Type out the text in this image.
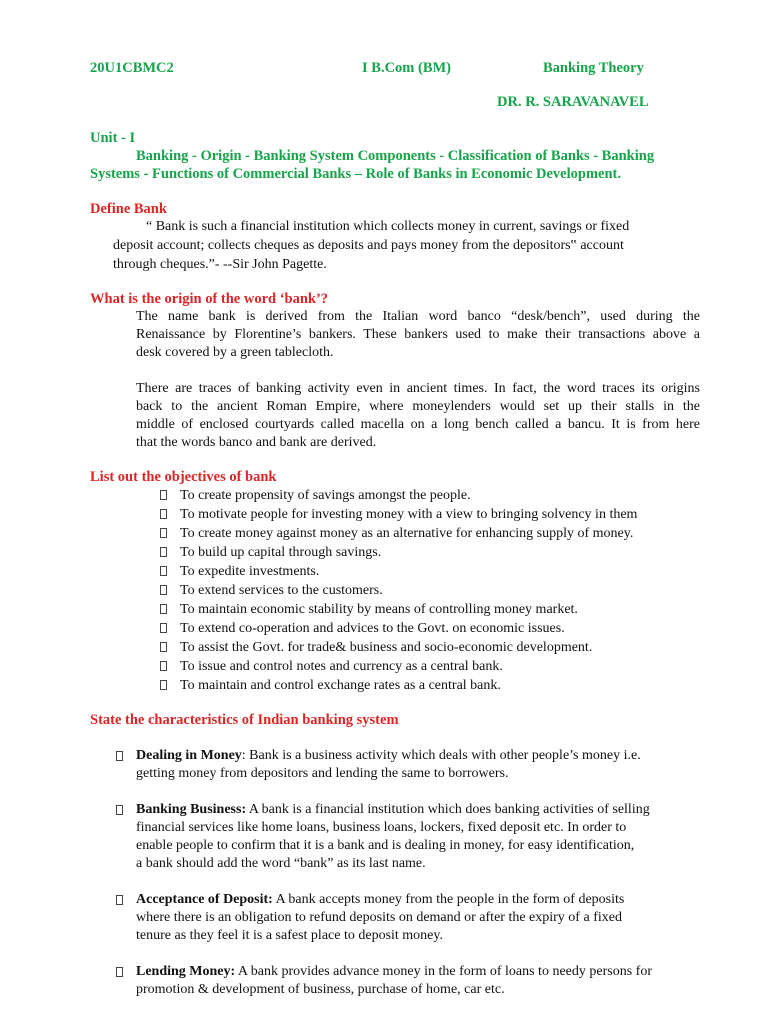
20U1CBMC2	I B.Com (BM)	Banking Theory
DR. R. SARAVANAVEL
Unit - I
Banking - Origin - Banking System Components - Classification of Banks - Banking
Systems - Functions of Commercial Banks – Role of Banks in Economic Development.
Define Bank
“ Bank is such a financial institution which collects money in current, savings or fixed
deposit account; collects cheques as deposits and pays money from the depositors‟ account
through cheques.”- --Sir John Pagette.
What is the origin of the word ‘bank’?
The name bank is derived from the Italian word banco “desk/bench”, used during the
Renaissance by Florentine’s bankers. These bankers used to make their transactions above a
desk covered by a green tablecloth.
There are traces of banking activity even in ancient times. In fact, the word traces its origins
back to the ancient Roman Empire, where moneylenders would set up their stalls in the
middle of enclosed courtyards called macella on a long bench called a bancu. It is from here
that the words banco and bank are derived.
List out the objectives of bank
To create propensity of savings amongst the people.
To motivate people for investing money with a view to bringing solvency in them
To create money against money as an alternative for enhancing supply of money.
To build up capital through savings.
To expedite investments.
To extend services to the customers.
To maintain economic stability by means of controlling money market.
To extend co-operation and advices to the Govt. on economic issues.
To assist the Govt. for trade& business and socio-economic development.
To issue and control notes and currency as a central bank.
To maintain and control exchange rates as a central bank.
State the characteristics of Indian banking system
Dealing in Money: Bank is a business activity which deals with other people’s money i.e.
getting money from depositors and lending the same to borrowers.
Banking Business: A bank is a financial institution which does banking activities of selling
financial services like home loans, business loans, lockers, fixed deposit etc. In order to
enable people to confirm that it is a bank and is dealing in money, for easy identification,
a bank should add the word “bank” as its last name.
Acceptance of Deposit: A bank accepts money from the people in the form of deposits
where there is an obligation to refund deposits on demand or after the expiry of a fixed
tenure as they feel it is a safest place to deposit money.
Lending Money: A bank provides advance money in the form of loans to needy persons for
promotion & development of business, purchase of home, car etc.
